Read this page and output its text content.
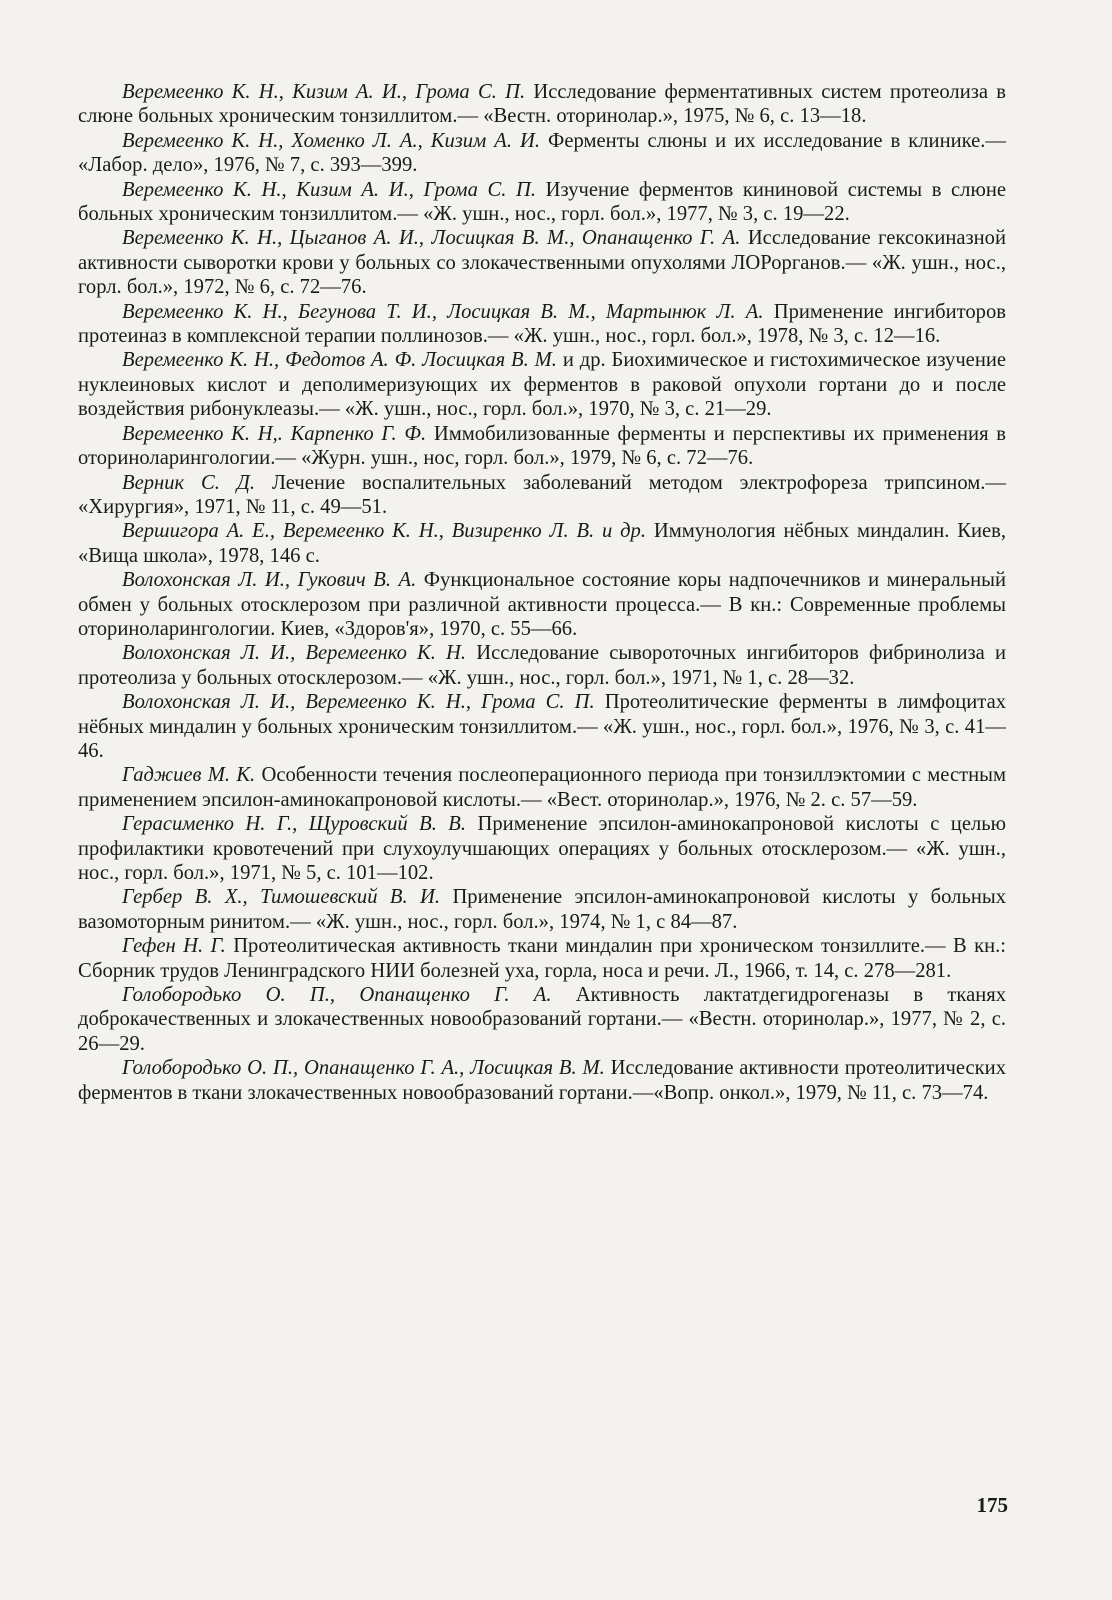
Веремеенко К. Н., Кизим А. И., Грома С. П. Исследование ферментативных систем протеолиза в слюне больных хроническим тонзиллитом.— «Вестн. оторинолар.», 1975, № 6, с. 13—18.

Веремеенко К. Н., Хоменко Л. А., Кизим А. И. Ферменты слюны и их исследование в клинике.— «Лабор. дело», 1976, № 7, с. 393—399.

Веремеенко К. Н., Кизим А. И., Грома С. П. Изучение ферментов кининовой системы в слюне больных хроническим тонзиллитом.— «Ж. ушн., нос., горл. бол.», 1977, № 3, с. 19—22.

Веремеенко К. Н., Цыганов А. И., Лосицкая В. М., Опанащенко Г. А. Исследование гексокиназной активности сыворотки крови у больных со злокачественными опухолями ЛОРорганов.— «Ж. ушн., нос., горл. бол.», 1972, № 6, с. 72—76.

Веремеенко К. Н., Бегунова Т. И., Лосицкая В. М., Мартынюк Л. А. Применение ингибиторов протеиназ в комплексной терапии поллинозов.— «Ж. ушн., нос., горл. бол.», 1978, № 3, с. 12—16.

Веремеенко К. Н., Федотов А. Ф. Лосицкая В. М. и др. Биохимическое и гистохимическое изучение нуклеиновых кислот и деполимеризующих их ферментов в раковой опухоли гортани до и после воздействия рибонуклеазы.— «Ж. ушн., нос., горл. бол.», 1970, № 3, с. 21—29.

Веремеенко К. Н,. Карпенко Г. Ф. Иммобилизованные ферменты и перспективы их применения в оториноларингологии.— «Журн. ушн., нос, горл. бол.», 1979, № 6, с. 72—76.

Верник С. Д. Лечение воспалительных заболеваний методом электрофореза трипсином.— «Хирургия», 1971, № 11, с. 49—51.

Вершигора А. Е., Веремеенко К. Н., Визиренко Л. В. и др. Иммунология нёбных миндалин. Киев, «Вища школа», 1978, 146 с.

Волохонская Л. И., Гукович В. А. Функциональное состояние коры надпочечников и минеральный обмен у больных отосклерозом при различной активности процесса.— В кн.: Современные проблемы оториноларингологии. Киев, «Здоров'я», 1970, с. 55—66.

Волохонская Л. И., Веремеенко К. Н. Исследование сывороточных ингибиторов фибринолиза и протеолиза у больных отосклерозом.— «Ж. ушн., нос., горл. бол.», 1971, № 1, с. 28—32.

Волохонская Л. И., Веремеенко К. Н., Грома С. П. Протеолитические ферменты в лимфоцитах нёбных миндалин у больных хроническим тонзиллитом.— «Ж. ушн., нос., горл. бол.», 1976, № 3, с. 41—46.

Гаджиев М. К. Особенности течения послеоперационного периода при тонзиллэктомии с местным применением эпсилон-аминокапроновой кислоты.— «Вест. оторинолар.», 1976, № 2. с. 57—59.

Герасименко Н. Г., Щуровский В. В. Применение эпсилон-аминокапроновой кислоты с целью профилактики кровотечений при слухоулучшающих операциях у больных отосклерозом.— «Ж. ушн., нос., горл. бол.», 1971, № 5, с. 101—102.

Гербер В. Х., Тимошевский В. И. Применение эпсилон-аминокапроновой кислоты у больных вазомоторным ринитом.— «Ж. ушн., нос., горл. бол.», 1974, № 1, с 84—87.

Гефен Н. Г. Протеолитическая активность ткани миндалин при хроническом тонзиллите.— В кн.: Сборник трудов Ленинградского НИИ болезней уха, горла, носа и речи. Л., 1966, т. 14, с. 278—281.

Голобородько О. П., Опанащенко Г. А. Активность лактатдегидрогеназы в тканях доброкачественных и злокачественных новообразований гортани.— «Вестн. оторинолар.», 1977, № 2, с. 26—29.

Голобородько О. П., Опанащенко Г. А., Лосицкая В. М. Исследование активности протеолитических ферментов в ткани злокачественных новообразований гортани.—«Вопр. онкол.», 1979, № 11, с. 73—74.

175
